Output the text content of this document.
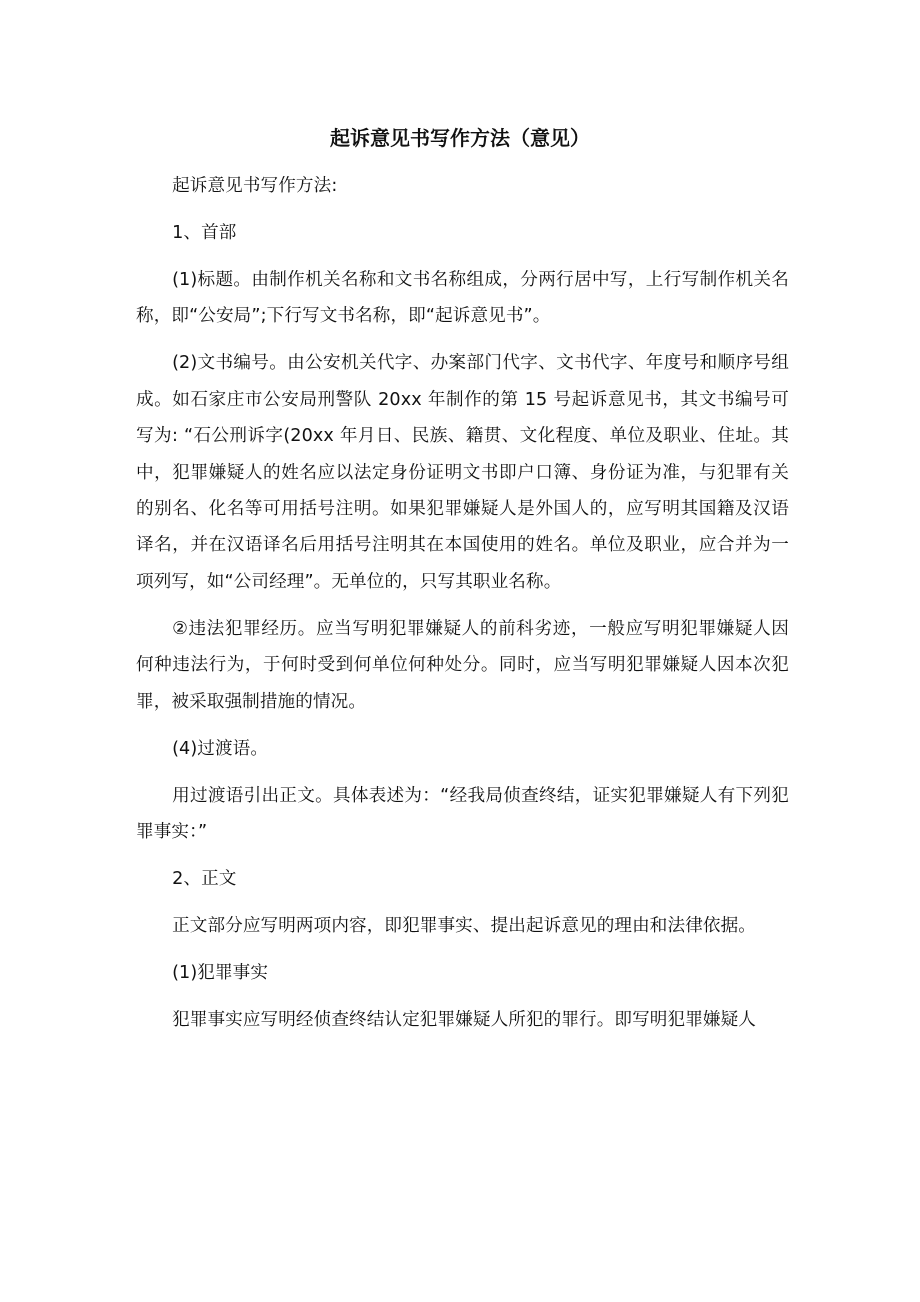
起诉意见书写作方法（意见）

起诉意见书写作方法:

1、首部

(1)标题。由制作机关名称和文书名称组成，分两行居中写，上行写制作机关名称，即“公安局”;下行写文书名称，即“起诉意见书”。

(2)文书编号。由公安机关代字、办案部门代字、文书代字、年度号和顺序号组成。如石家庄市公安局刑警队 20xx 年制作的第 15 号起诉意见书，其文书编号可写为: “石公刑诉字(20xx 年月日、民族、籍贯、文化程度、单位及职业、住址。其中，犯罪嫌疑人的姓名应以法定身份证明文书即户口簿、身份证为准，与犯罪有关的别名、化名等可用括号注明。如果犯罪嫌疑人是外国人的，应写明其国籍及汉语译名，并在汉语译名后用括号注明其在本国使用的姓名。单位及职业，应合并为一项列写，如“公司经理”。无单位的，只写其职业名称。

②违法犯罪经历。应当写明犯罪嫌疑人的前科劣迹，一般应写明犯罪嫌疑人因何种违法行为，于何时受到何单位何种处分。同时，应当写明犯罪嫌疑人因本次犯罪，被采取强制措施的情况。

(4)过渡语。

用过渡语引出正文。具体表述为：“经我局侦查终结，证实犯罪嫌疑人有下列犯罪事实：”

2、正文

正文部分应写明两项内容，即犯罪事实、提出起诉意见的理由和法律依据。

(1)犯罪事实

犯罪事实应写明经侦查终结认定犯罪嫌疑人所犯的罪行。即写明犯罪嫌疑人
